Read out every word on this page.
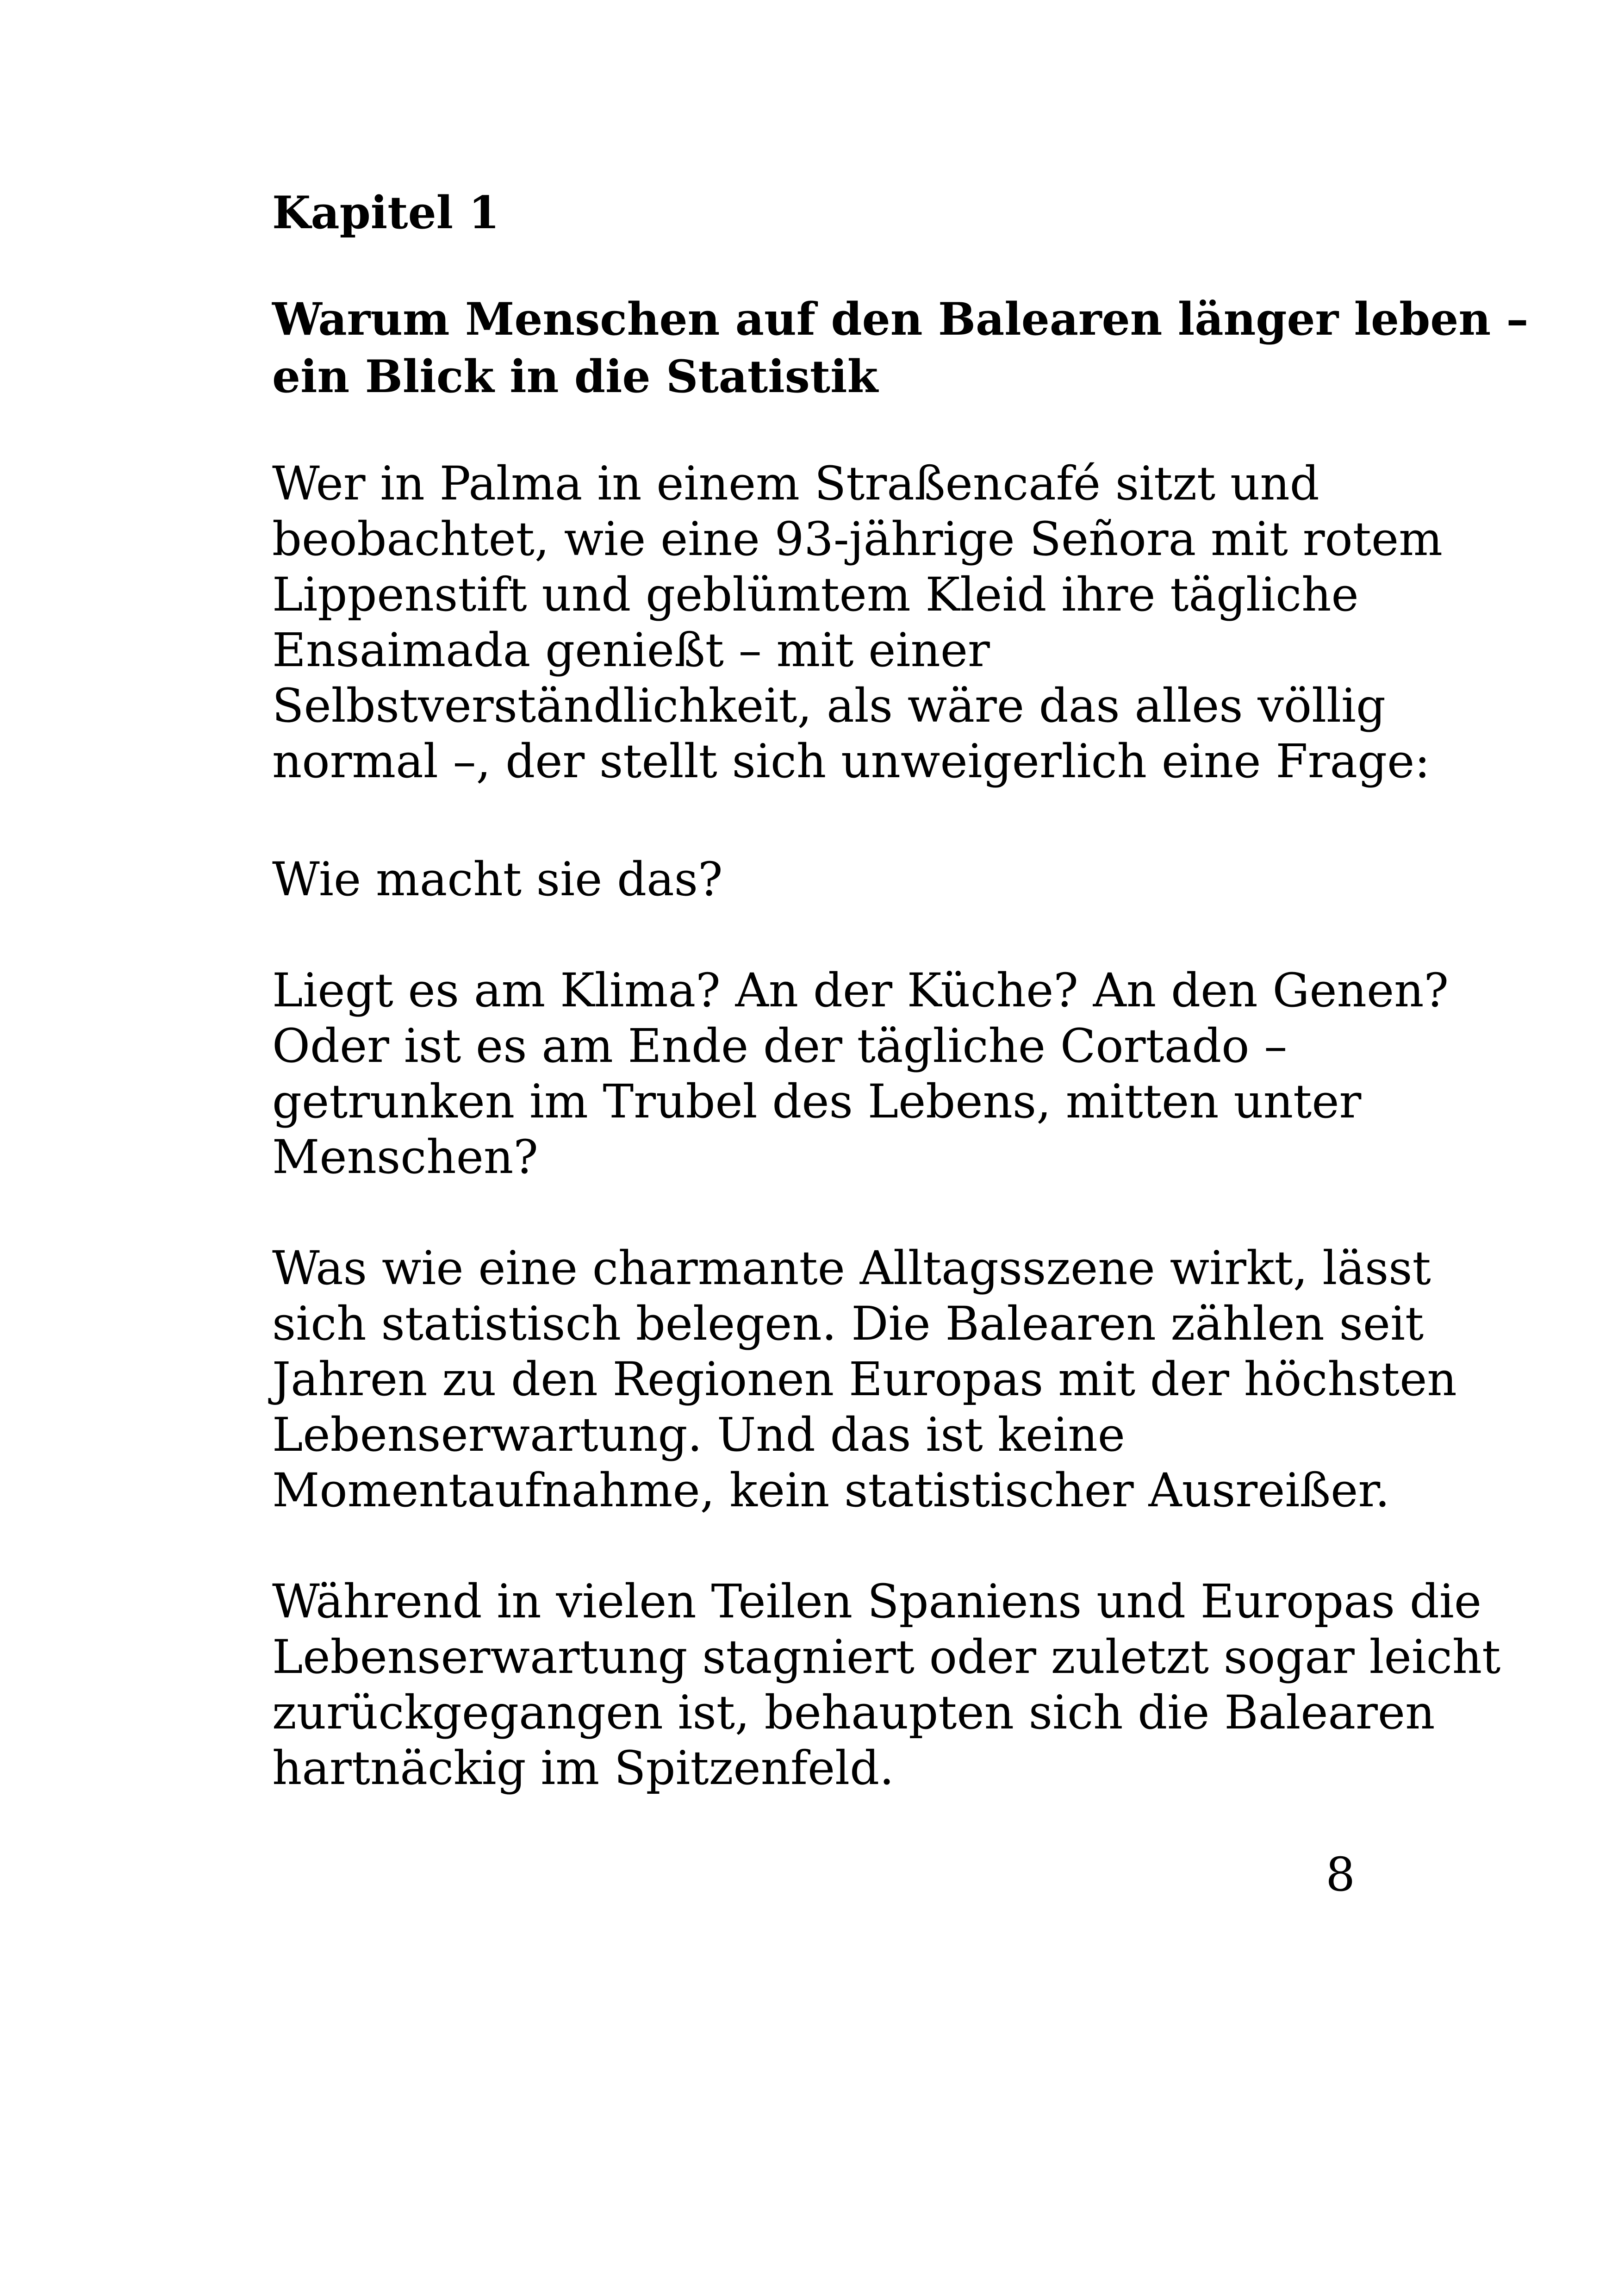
Kapitel 1

Warum Menschen auf den Balearen länger leben –
ein Blick in die Statistik

Wer in Palma in einem Straßencafé sitzt und
beobachtet, wie eine 93-jährige Señora mit rotem
Lippenstift und geblümtem Kleid ihre tägliche
Ensaimada genießt – mit einer
Selbstverständlichkeit, als wäre das alles völlig
normal –, der stellt sich unweigerlich eine Frage:

Wie macht sie das?

Liegt es am Klima? An der Küche? An den Genen?
Oder ist es am Ende der tägliche Cortado –
getrunken im Trubel des Lebens, mitten unter
Menschen?

Was wie eine charmante Alltagsszene wirkt, lässt
sich statistisch belegen. Die Balearen zählen seit
Jahren zu den Regionen Europas mit der höchsten
Lebenserwartung. Und das ist keine
Momentaufnahme, kein statistischer Ausreißer.

Während in vielen Teilen Spaniens und Europas die
Lebenserwartung stagniert oder zuletzt sogar leicht
zurückgegangen ist, behaupten sich die Balearen
hartnäckig im Spitzenfeld.

8
